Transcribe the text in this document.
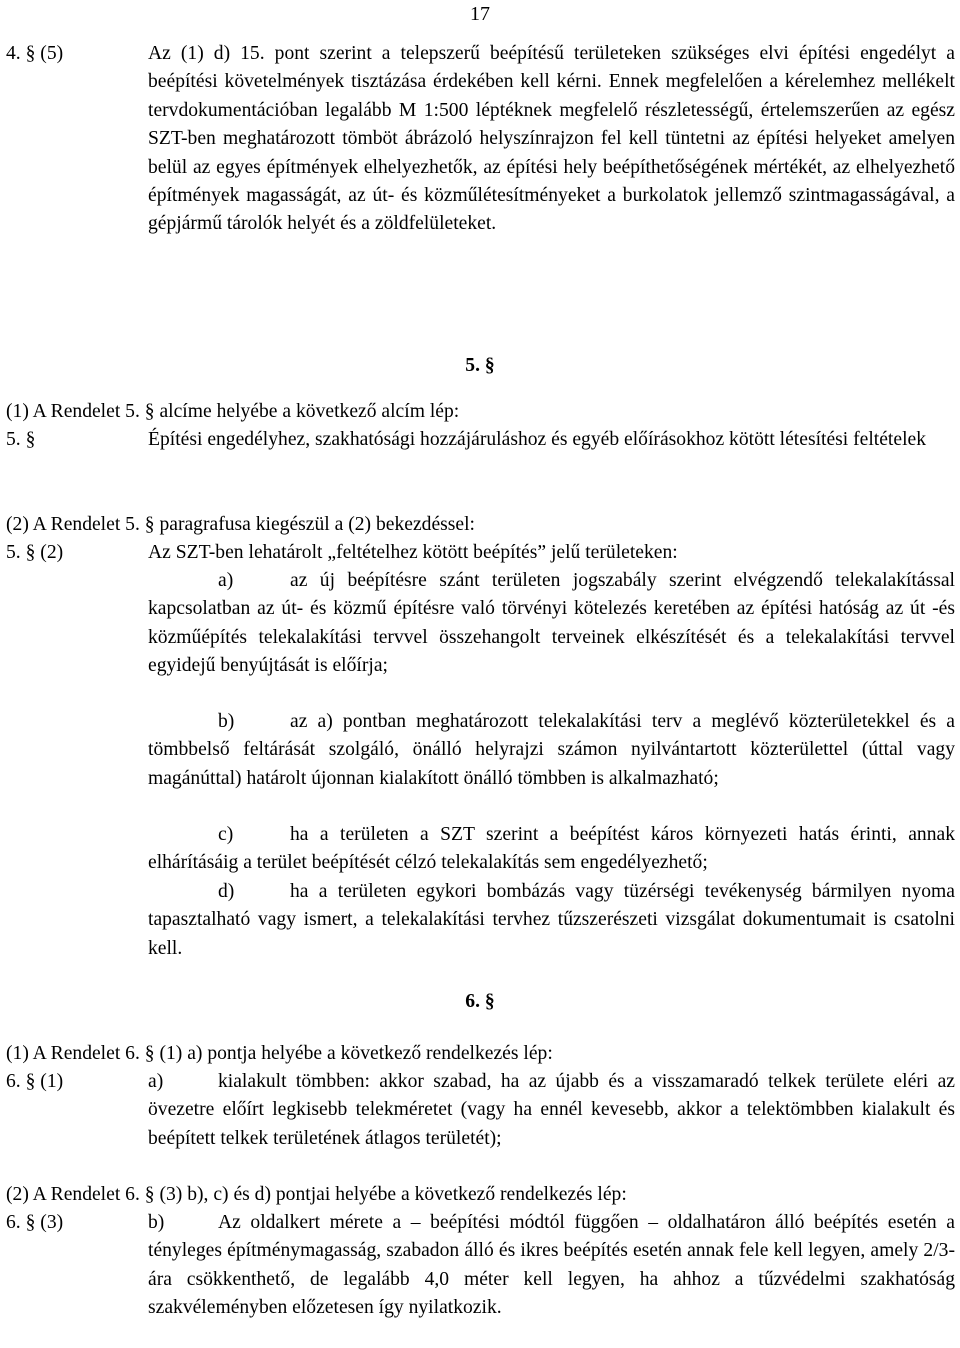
17
4. § (5)	Az (1) d) 15. pont szerint a telepszerű beépítésű területeken szükséges elvi építési engedélyt a beépítési követelmények tisztázása érdekében kell kérni. Ennek megfelelően a kérelemhez mellékelt tervdokumentációban legalább M 1:500 léptéknek megfelelő részletességű, értelemszerűen az egész SZT-ben meghatározott tömböt ábrázoló helyszínrajzon fel kell tüntetni az építési helyeket amelyen belül az egyes építmények elhelyezhetők, az építési hely beépíthetőségének mértékét, az elhelyezhető építmények magasságát, az út- és közműlétesítményeket a burkolatok jellemző szintmagasságával, a gépjármű tárolók helyét és a zöldfelületeket.
5. §
(1) A Rendelet 5. § alcíme helyébe a következő alcím lép:
5. §	Építési engedélyhez, szakhatósági hozzájáruláshoz és egyéb előírásokhoz kötött létesítési feltételek
(2) A Rendelet 5. § paragrafusa kiegészül a (2) bekezdéssel:
5. § (2)	Az SZT-ben lehatárolt „feltételhez kötött beépítés” jelű területeken:
a)	az új beépítésre szánt területen jogszabály szerint elvégzendő telekalakítással kapcsolatban az út- és közmű építésre való törvényi kötelezés keretében az építési hatóság az út -és közműépítés telekalakítási tervvel összehangolt terveinek elkészítését és a telekalakítási tervvel egyidejű benyújtását is előírja;
b)	az a) pontban meghatározott telekalakítási terv a meglévő közterületekkel és a tömbbelső feltárását szolgáló, önálló helyrajzi számon nyilvántartott közterülettel (úttal vagy magánúttal) határolt újonnan kialakított önálló tömbben is alkalmazható;
c)	ha a területen a SZT szerint a beépítést káros környezeti hatás érinti, annak elhárításáig a terület beépítését célzó telekalakítás sem engedélyezhető;
d)	ha a területen egykori bombázás vagy tüzérségi tevékenység bármilyen nyoma tapasztalható vagy ismert, a telekalakítási tervhez tűzszerészeti vizsgálat dokumentumait is csatolni kell.
6. §
(1) A Rendelet 6. § (1) a) pontja helyébe a következő rendelkezés lép:
6. § (1)	a)	kialakult tömbben: akkor szabad, ha az újabb és a visszamaradó telkek területe eléri az övezetre előírt legkisebb telekméretet (vagy ha ennél kevesebb, akkor a telektömbben kialakult és beépített telkek területének átlagos területét);
(2) A Rendelet 6. § (3) b), c) és d) pontjai helyébe a következő rendelkezés lép:
6. § (3)	b)	Az oldalkert mérete a – beépítési módtól függően – oldalhatáron álló beépítés esetén a tényleges építménymagasság, szabadon álló és ikres beépítés esetén annak fele kell legyen, amely 2/3-ára csökkenthető, de legalább 4,0 méter kell legyen, ha ahhoz a tűzvédelmi szakhatóság szakvéleményben előzetesen így nyilatkozik.
